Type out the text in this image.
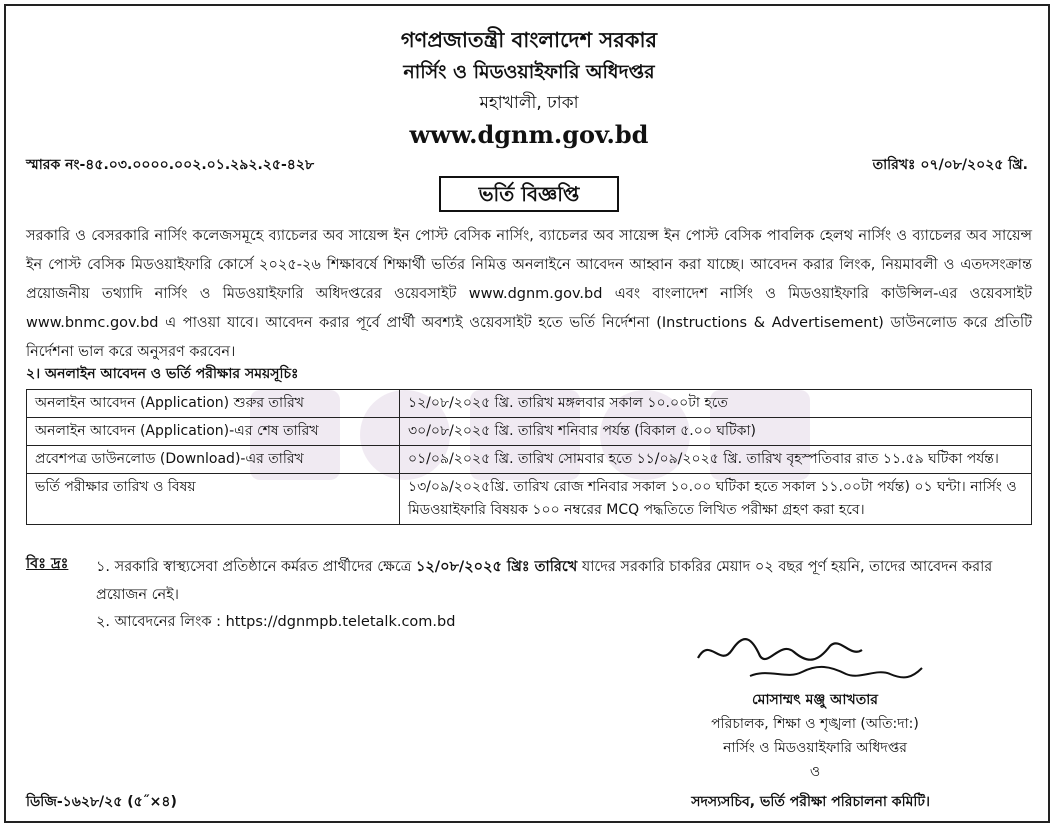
গণপ্রজাতন্ত্রী বাংলাদেশ সরকার
নার্সিং ও মিডওয়াইফারি অধিদপ্তর
মহাখালী, ঢাকা
www.dgnm.gov.bd
স্মারক নং-৪৫.০৩.০০০০.০০২.০১.২৯২.২৫-৪২৮	তারিখঃ ০৭/০৮/২০২৫ খ্রি.
ভর্তি বিজ্ঞপ্তি
সরকারি ও বেসরকারি নার্সিং কলেজসমূহে ব্যাচেলর অব সায়েন্স ইন পোস্ট বেসিক নার্সিং, ব্যাচেলর অব সায়েন্স ইন পোস্ট বেসিক পাবলিক হেলথ নার্সিং ও ব্যাচেলর অব সায়েন্স ইন পোস্ট বেসিক মিডওয়াইফারি কোর্সে ২০২৫-২৬ শিক্ষাবর্ষে শিক্ষার্থী ভর্তির নিমিত্ত অনলাইনে আবেদন আহ্বান করা যাচ্ছে। আবেদন করার লিংক, নিয়মাবলী ও এতদসংক্রান্ত প্রয়োজনীয় তথ্যাদি নার্সিং ও মিডওয়াইফারি অধিদপ্তরের ওয়েবসাইট www.dgnm.gov.bd এবং বাংলাদেশ নার্সিং ও মিডওয়াইফারি কাউন্সিল-এর ওয়েবসাইট www.bnmc.gov.bd এ পাওয়া যাবে। আবেদন করার পূর্বে প্রার্থী অবশ্যই ওয়েবসাইট হতে ভর্তি নির্দেশনা (Instructions & Advertisement) ডাউনলোড করে প্রতিটি নির্দেশনা ভাল করে অনুসরণ করবেন।
২। অনলাইন আবেদন ও ভর্তি পরীক্ষার সময়সূচিঃ
অনলাইন আবেদন (Application) শুরুর তারিখ	১২/০৮/২০২৫ খ্রি. তারিখ মঙ্গলবার সকাল ১০.০০টা হতে
অনলাইন আবেদন (Application)-এর শেষ তারিখ	৩০/০৮/২০২৫ খ্রি. তারিখ শনিবার পর্যন্ত (বিকাল ৫.০০ ঘটিকা)
প্রবেশপত্র ডাউনলোড (Download)-এর তারিখ	০১/০৯/২০২৫ খ্রি. তারিখ সোমবার হতে ১১/০৯/২০২৫ খ্রি. তারিখ বৃহস্পতিবার রাত ১১.৫৯ ঘটিকা পর্যন্ত।
ভর্তি পরীক্ষার তারিখ ও বিষয়	১৩/০৯/২০২৫খ্রি. তারিখ রোজ শনিবার সকাল ১০.০০ ঘটিকা হতে সকাল ১১.০০টা পর্যন্ত) ০১ ঘন্টা। নার্সিং ও মিডওয়াইফারি বিষয়ক ১০০ নম্বরের MCQ পদ্ধতিতে লিখিত পরীক্ষা গ্রহণ করা হবে।
বিঃ দ্রঃ ১. সরকারি স্বাস্থ্যসেবা প্রতিষ্ঠানে কর্মরত প্রার্থীদের ক্ষেত্রে ১২/০৮/২০২৫ খ্রিঃ তারিখে যাদের সরকারি চাকরির মেয়াদ ০২ বছর পূর্ণ হয়নি, তাদের আবেদন করার প্রয়োজন নেই।
২. আবেদনের লিংক : https://dgnmpb.teletalk.com.bd
মোসাম্মৎ মঞ্জু আখতার
পরিচালক, শিক্ষা ও শৃঙ্খলা (অতি:দা:)
নার্সিং ও মিডওয়াইফারি অধিদপ্তর
ও
ডিজি-১৬২৮/২৫ (৫˝×৪)	সদস্যসচিব, ভর্তি পরীক্ষা পরিচালনা কমিটি।
